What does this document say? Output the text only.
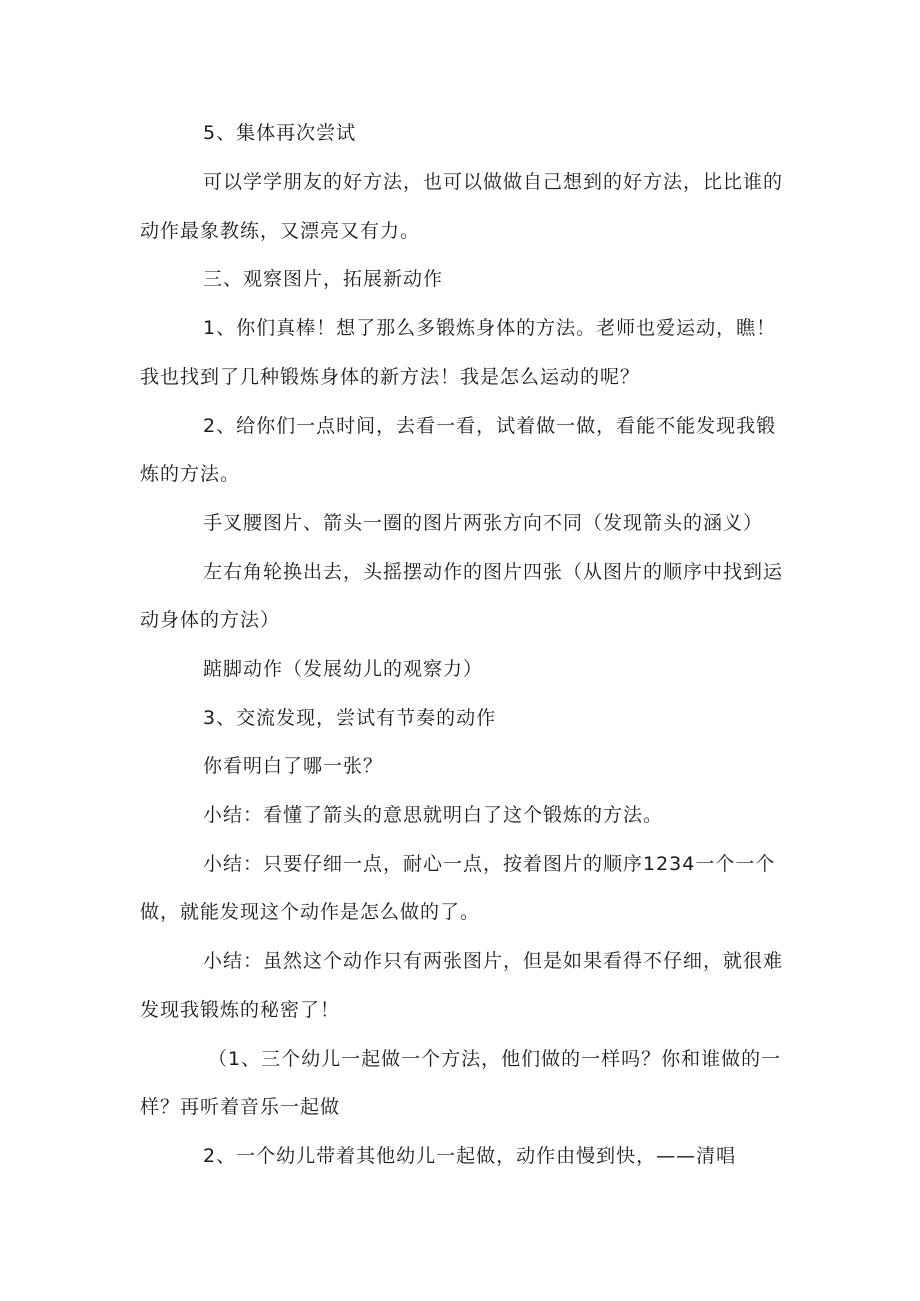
5、集体再次尝试
可以学学朋友的好方法，也可以做做自己想到的好方法，比比谁的
动作最象教练，又漂亮又有力。
三、观察图片，拓展新动作
1、你们真棒！想了那么多锻炼身体的方法。老师也爱运动，瞧！
我也找到了几种锻炼身体的新方法！我是怎么运动的呢？
2、给你们一点时间，去看一看，试着做一做，看能不能发现我锻
炼的方法。
手叉腰图片、箭头一圈的图片两张方向不同（发现箭头的涵义）
左右角轮换出去，头摇摆动作的图片四张（从图片的顺序中找到运
动身体的方法）
踮脚动作（发展幼儿的观察力）
3、交流发现，尝试有节奏的动作
你看明白了哪一张？
小结：看懂了箭头的意思就明白了这个锻炼的方法。
小结：只要仔细一点，耐心一点，按着图片的顺序1234一个一个
做，就能发现这个动作是怎么做的了。
小结：虽然这个动作只有两张图片，但是如果看得不仔细，就很难
发现我锻炼的秘密了！
（1、三个幼儿一起做一个方法，他们做的一样吗？你和谁做的一
样？再听着音乐一起做
2、一个幼儿带着其他幼儿一起做，动作由慢到快，——清唱
